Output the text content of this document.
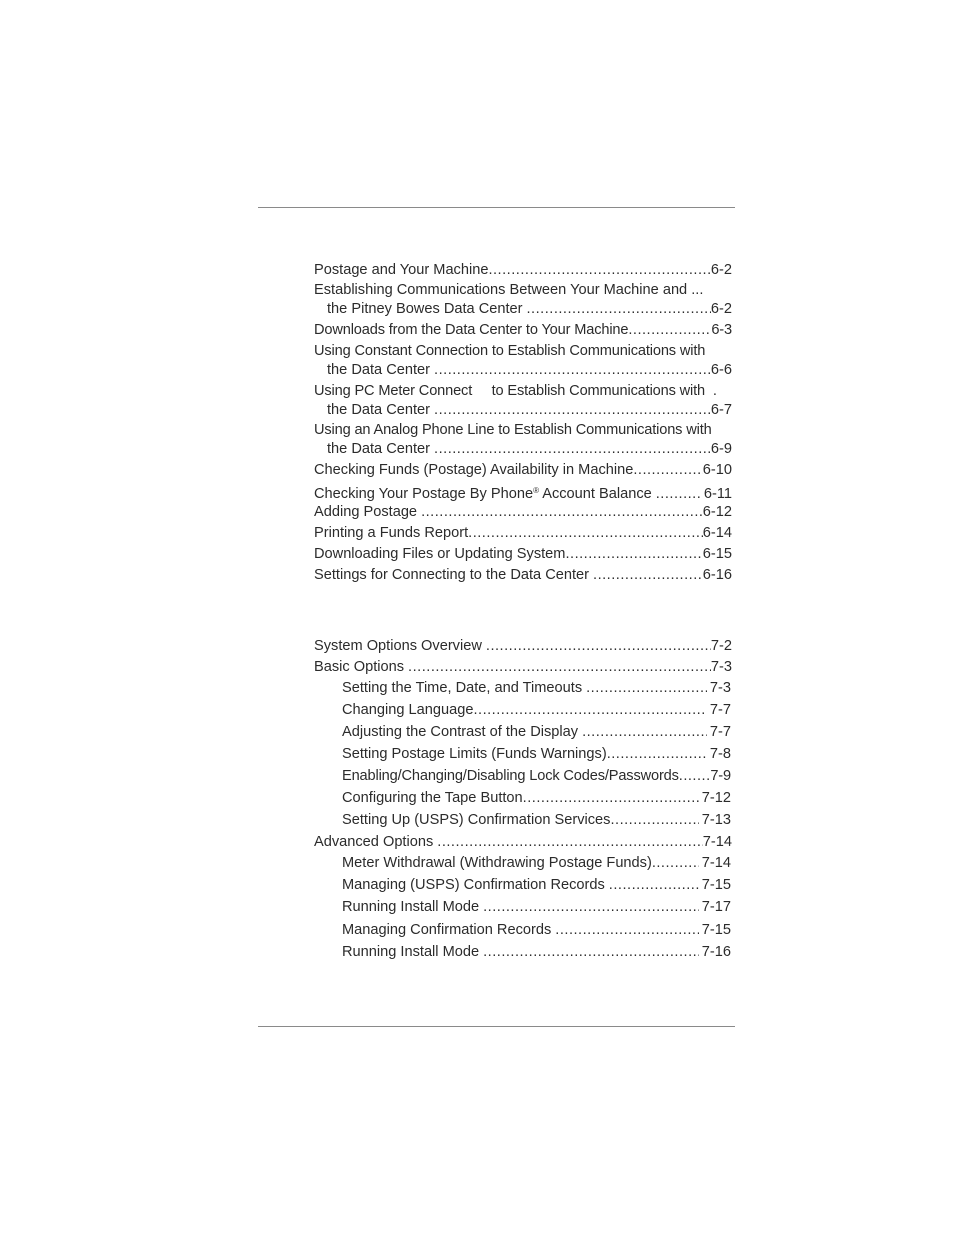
Postage and Your Machine .....	6-2
Establishing Communications Between Your Machine and ...
the Pitney Bowes Data Center .....	6-2
Downloads from the Data Center to Your Machine .....	6-3
Using Constant Connection to Establish Communications with
the Data Center .....	6-6
Using PC Meter Connect     to Establish Communications with  .
the Data Center .....	6-7
Using an Analog Phone Line to Establish Communications with
the Data Center .....	6-9
Checking Funds (Postage) Availability in Machine .....	6-10
Checking Your Postage By Phone® Account Balance .....	6-11
Adding Postage .....	6-12
Printing a Funds Report .....	6-14
Downloading Files or Updating System .....	6-15
Settings for Connecting to the Data Center .....	6-16
System Options Overview .....	7-2
Basic Options .....	7-3
Setting the Time, Date, and Timeouts .....	7-3
Changing Language .....	7-7
Adjusting the Contrast of the Display .....	7-7
Setting Postage Limits (Funds Warnings) .....	7-8
Enabling/Changing/Disabling Lock Codes/Passwords ..... 7-9
Configuring the Tape Button .....	7-12
Setting Up (USPS) Confirmation Services .....	7-13
Advanced Options .....	7-14
Meter Withdrawal (Withdrawing Postage Funds) .....	7-14
Managing (USPS) Confirmation Records .....	7-15
Running Install Mode .....	7-17
Managing Confirmation Records .....	7-15
Running Install Mode .....	7-16
